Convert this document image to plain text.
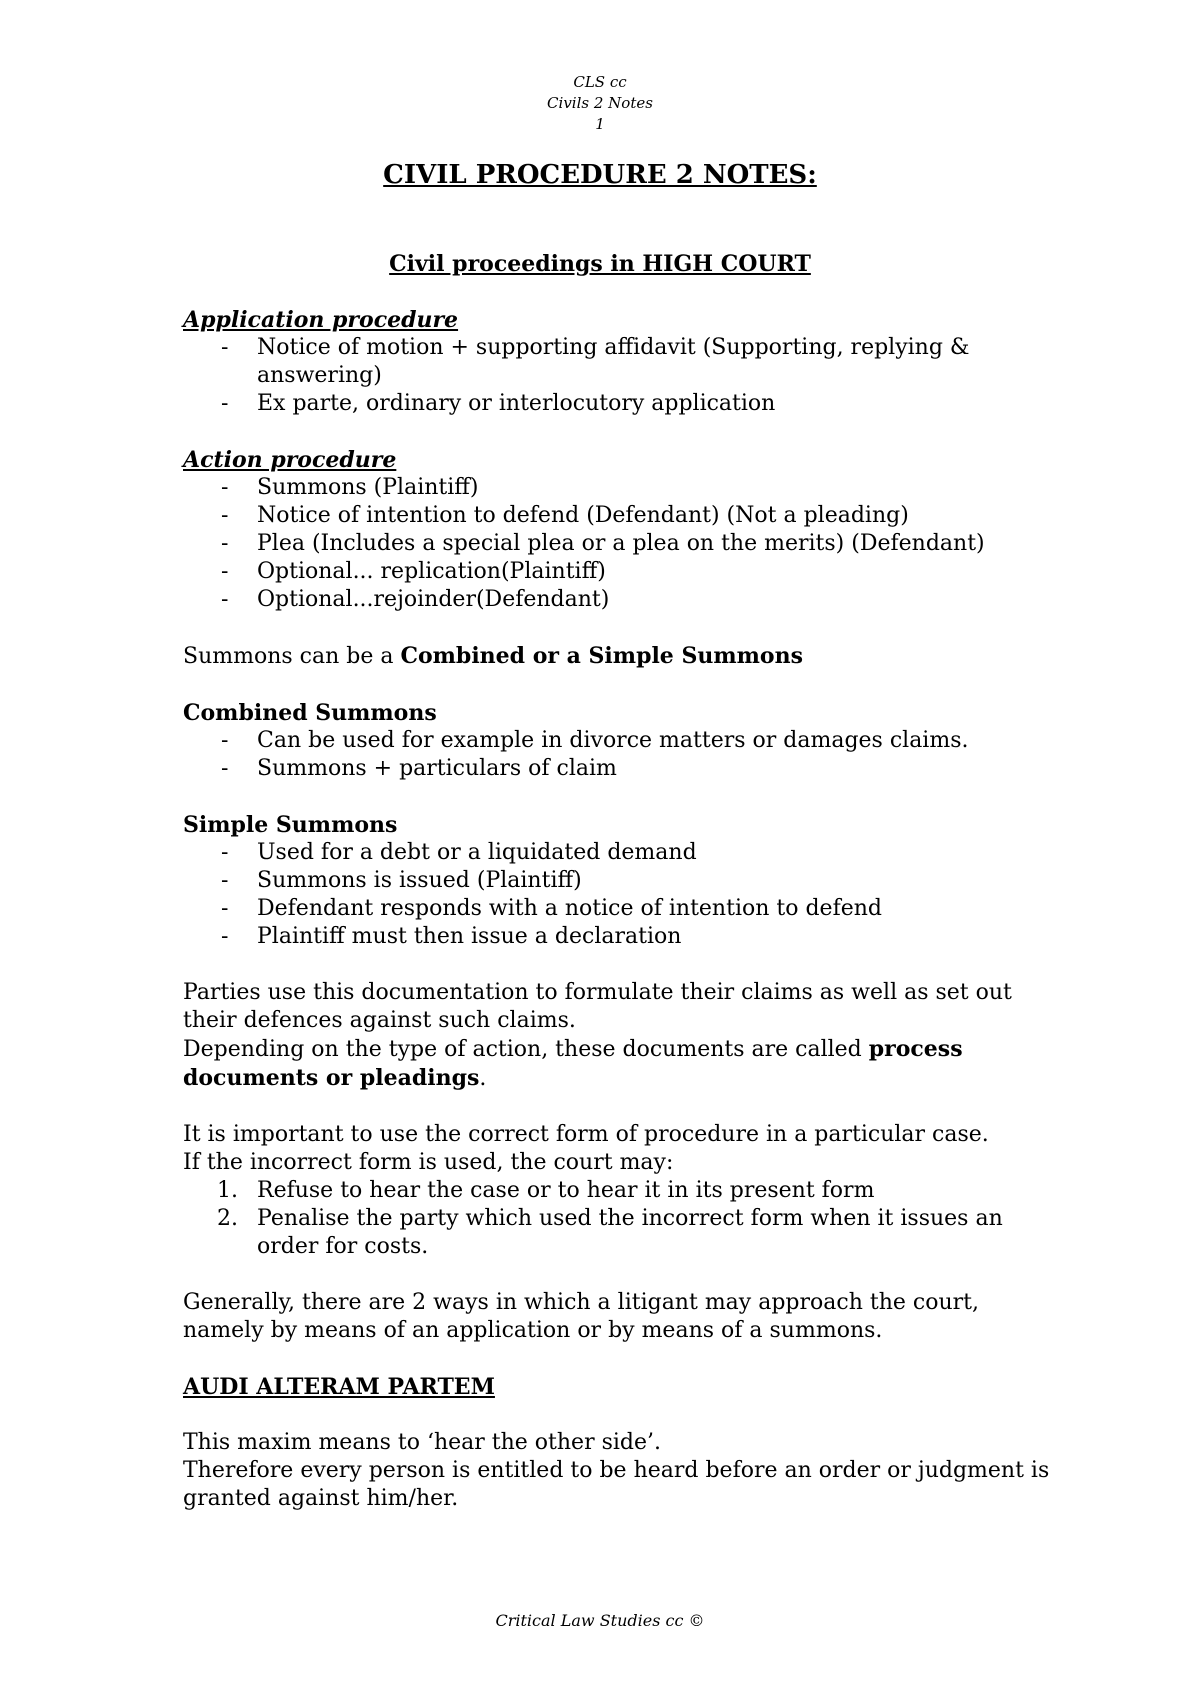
CLS cc
Civils 2 Notes
1
CIVIL PROCEDURE 2 NOTES:
Civil proceedings in HIGH COURT
Application procedure
- Notice of motion + supporting affidavit (Supporting, replying & answering)
- Ex parte, ordinary or interlocutory application
Action procedure
- Summons (Plaintiff)
- Notice of intention to defend (Defendant) (Not a pleading)
- Plea (Includes a special plea or a plea on the merits) (Defendant)
- Optional... replication(Plaintiff)
- Optional...rejoinder(Defendant)
Summons can be a Combined or a Simple Summons
Combined Summons
- Can be used for example in divorce matters or damages claims.
- Summons + particulars of claim
Simple Summons
- Used for a debt or a liquidated demand
- Summons is issued (Plaintiff)
- Defendant responds with a notice of intention to defend
- Plaintiff must then issue a declaration
Parties use this documentation to formulate their claims as well as set out their defences against such claims.
Depending on the type of action, these documents are called process documents or pleadings.
It is important to use the correct form of procedure in a particular case.
If the incorrect form is used, the court may:
1. Refuse to hear the case or to hear it in its present form
2. Penalise the party which used the incorrect form when it issues an order for costs.
Generally, there are 2 ways in which a litigant may approach the court, namely by means of an application or by means of a summons.
AUDI ALTERAM PARTEM
This maxim means to ‘hear the other side’.
Therefore every person is entitled to be heard before an order or judgment is granted against him/her.
Critical Law Studies cc ©
